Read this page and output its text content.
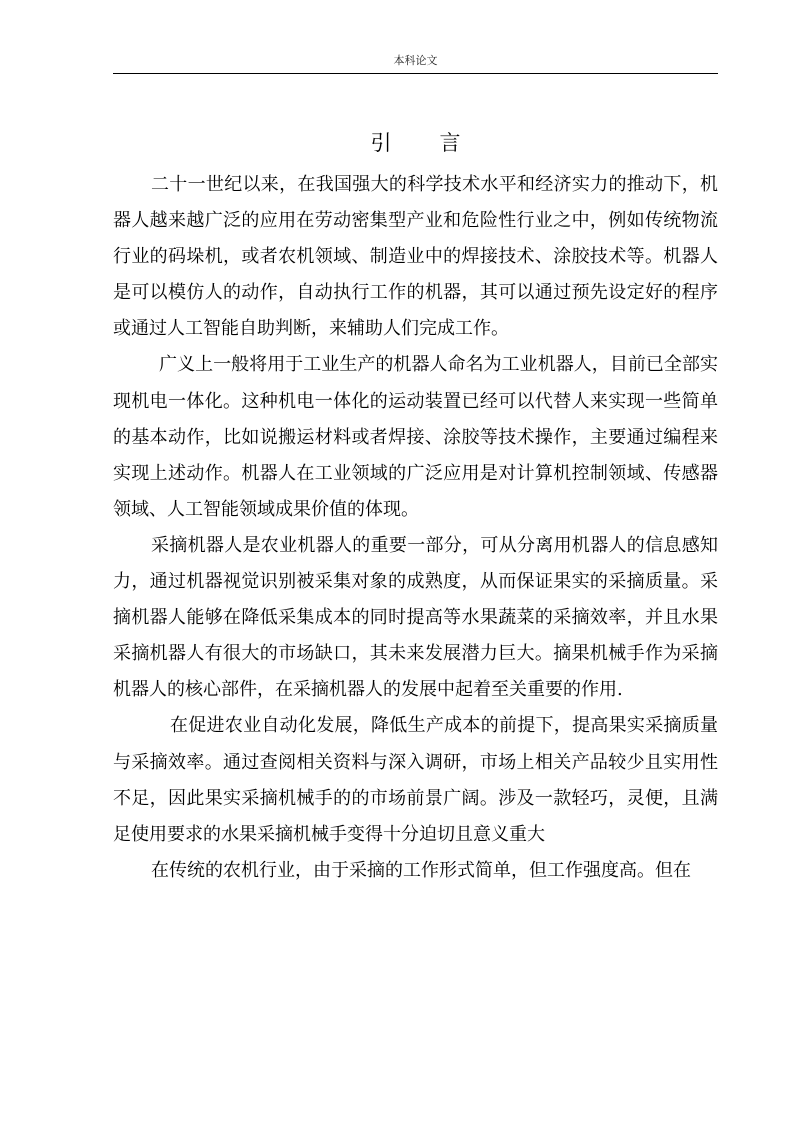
本科论文
引 言

二十一世纪以来，在我国强大的科学技术水平和经济实力的推动下，机器人越来越广泛的应用在劳动密集型产业和危险性行业之中，例如传统物流行业的码垛机，或者农机领域、制造业中的焊接技术、涂胶技术等。机器人是可以模仿人的动作，自动执行工作的机器，其可以通过预先设定好的程序或通过人工智能自助判断，来辅助人们完成工作。

广义上一般将用于工业生产的机器人命名为工业机器人，目前已全部实现机电一体化。这种机电一体化的运动装置已经可以代替人来实现一些简单的基本动作，比如说搬运材料或者焊接、涂胶等技术操作，主要通过编程来实现上述动作。机器人在工业领域的广泛应用是对计算机控制领域、传感器领域、人工智能领域成果价值的体现。

采摘机器人是农业机器人的重要一部分，可从分离用机器人的信息感知力，通过机器视觉识别被采集对象的成熟度，从而保证果实的采摘质量。采摘机器人能够在降低采集成本的同时提高等水果蔬菜的采摘效率，并且水果采摘机器人有很大的市场缺口，其未来发展潜力巨大。摘果机械手作为采摘机器人的核心部件，在采摘机器人的发展中起着至关重要的作用.

在促进农业自动化发展，降低生产成本的前提下，提高果实采摘质量与采摘效率。通过查阅相关资料与深入调研，市场上相关产品较少且实用性不足，因此果实采摘机械手的的市场前景广阔。涉及一款轻巧，灵便，且满足使用要求的水果采摘机械手变得十分迫切且意义重大

在传统的农机行业，由于采摘的工作形式简单，但工作强度高。但在
